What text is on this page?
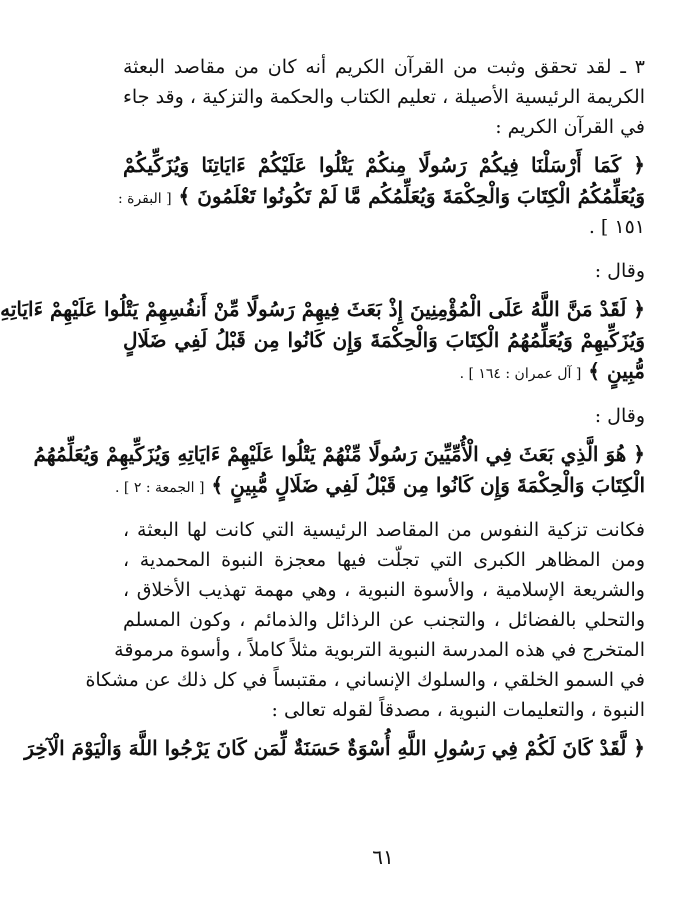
٣ ـ لقد تحقق وثبت من القرآن الكريم أنه كان من مقاصد البعثة
الكريمة الرئيسية الأصيلة ، تعليم الكتاب والحكمة والتزكية ، وقد جاء
في القرآن الكريم :
﴿ كَمَا أَرْسَلْنَا فِيكُمْ رَسُولًا مِنكُمْ يَتْلُوا عَلَيْكُمْ ءَايَاتِنَا وَيُزَكِّيكُمْ
وَيُعَلِّمُكُمُ الْكِتَابَ وَالْحِكْمَةَ وَيُعَلِّمُكُم مَّا لَمْ تَكُونُوا تَعْلَمُونَ ﴾ [ البقرة :
١٥١ ] .
وقال :
﴿ لَقَدْ مَنَّ اللَّهُ عَلَى الْمُؤْمِنِينَ إِذْ بَعَثَ فِيهِمْ رَسُولًا مِّنْ أَنفُسِهِمْ يَتْلُوا عَلَيْهِمْ ءَايَاتِهِ
وَيُزَكِّيهِمْ وَيُعَلِّمُهُمُ الْكِتَابَ وَالْحِكْمَةَ وَإِن كَانُوا مِن قَبْلُ لَفِي ضَلَالٍ
مُّبِينٍ ﴾ [ آل عمران : ١٦٤ ] .
وقال :
﴿ هُوَ الَّذِي بَعَثَ فِي الْأُمِّيِّينَ رَسُولًا مِّنْهُمْ يَتْلُوا عَلَيْهِمْ ءَايَاتِهِ وَيُزَكِّيهِمْ وَيُعَلِّمُهُمُ
الْكِتَابَ وَالْحِكْمَةَ وَإِن كَانُوا مِن قَبْلُ لَفِي ضَلَالٍ مُّبِينٍ ﴾ [ الجمعة : ٢ ] .
فكانت تزكية النفوس من المقاصد الرئيسية التي كانت لها البعثة ،
ومن المظاهر الكبرى التي تجلّت فيها معجزة النبوة المحمدية ،
والشريعة الإسلامية ، والأسوة النبوية ، وهي مهمة تهذيب الأخلاق ،
والتحلي بالفضائل ، والتجنب عن الرذائل والذمائم ، وكون المسلم
المتخرج في هذه المدرسة النبوية التربوية مثلاً كاملاً ، وأسوة مرموقة
في السمو الخلقي ، والسلوك الإنساني ، مقتبساً في كل ذلك عن مشكاة
النبوة ، والتعليمات النبوية ، مصدقاً لقوله تعالى :
﴿ لَّقَدْ كَانَ لَكُمْ فِي رَسُولِ اللَّهِ أُسْوَةٌ حَسَنَةٌ لِّمَن كَانَ يَرْجُوا اللَّهَ وَالْيَوْمَ الْآخِرَ
٦١
